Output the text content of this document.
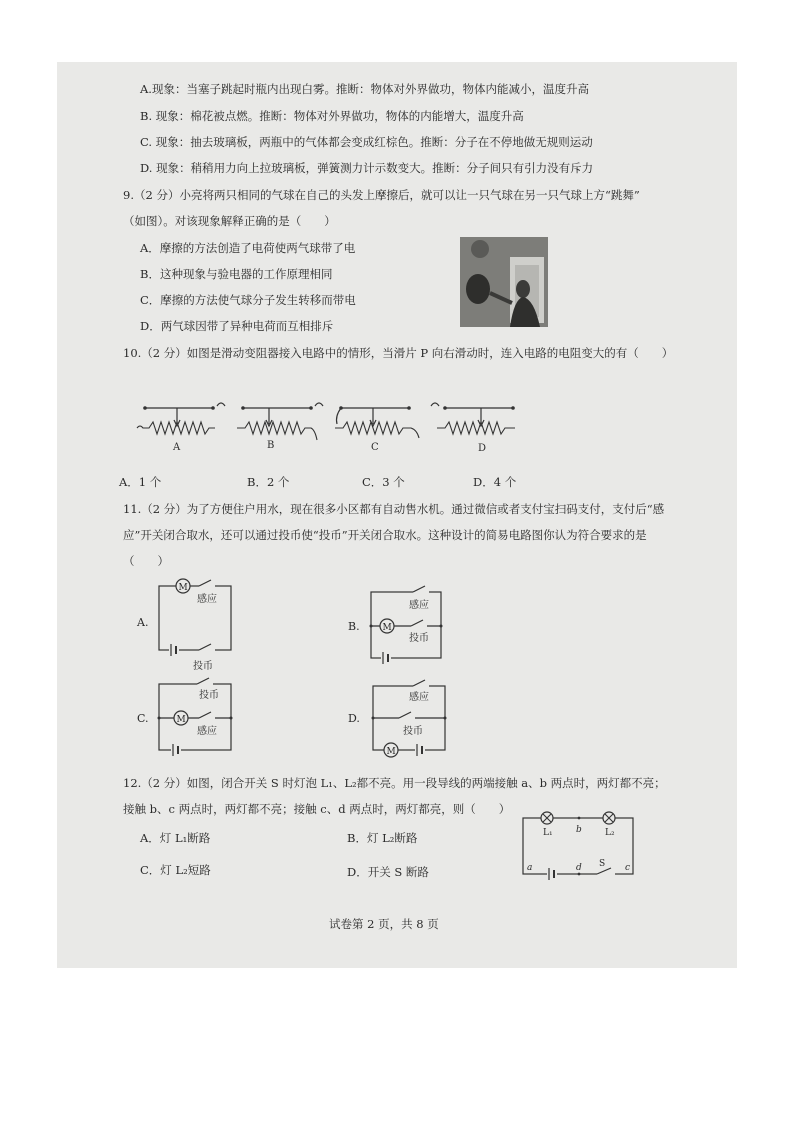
A.现象：当塞子跳起时瓶内出现白雾。推断：物体对外界做功，物体内能减小，温度升高
B. 现象：棉花被点燃。推断：物体对外界做功，物体的内能增大，温度升高
C. 现象：抽去玻璃板，两瓶中的气体都会变成红棕色。推断：分子在不停地做无规则运动
D. 现象：稍稍用力向上拉玻璃板，弹簧测力计示数变大。推断：分子间只有引力没有斥力
9.（2 分）小亮将两只相同的气球在自己的头发上摩擦后，就可以让一只气球在另一只气球上方“跳舞”
（如图）。对该现象解释正确的是（　　）
A．摩擦的方法创造了电荷使两气球带了电
B．这种现象与验电器的工作原理相同
C．摩擦的方法使气球分子发生转移而带电
D．两气球因带了异种电荷而互相排斥
10.（2 分）如图是滑动变阻器接入电路中的情形，当滑片 P 向右滑动时，连入电路的电阻变大的有（　　）
A	B	C	D
A．1 个	B．2 个	C．3 个	D．4 个
11.（2 分）为了方便住户用水，现在很多小区都有自动售水机。通过微信或者支付宝扫码支付，支付后“感
应”开关闭合取水，还可以通过投币使“投币”开关闭合取水。这种设计的简易电路图你认为符合要求的是
（　　）
A.	B.
C.	D.
M
感应
投币
M
感应
投币
投币
M
感应
感应
投币
M
12.（2 分）如图，闭合开关 S 时灯泡 L₁、L₂都不亮。用一段导线的两端接触 a、b 两点时，两灯都不亮；
接触 b、c 两点时，两灯都不亮；接触 c、d 两点时，两灯都亮，则（　　）
A．灯 L₁断路	B．灯 L₂断路
C．灯 L₂短路	D．开关 S 断路
L₁	L₂
b
a	d S c
试卷第 2 页，共 8 页
